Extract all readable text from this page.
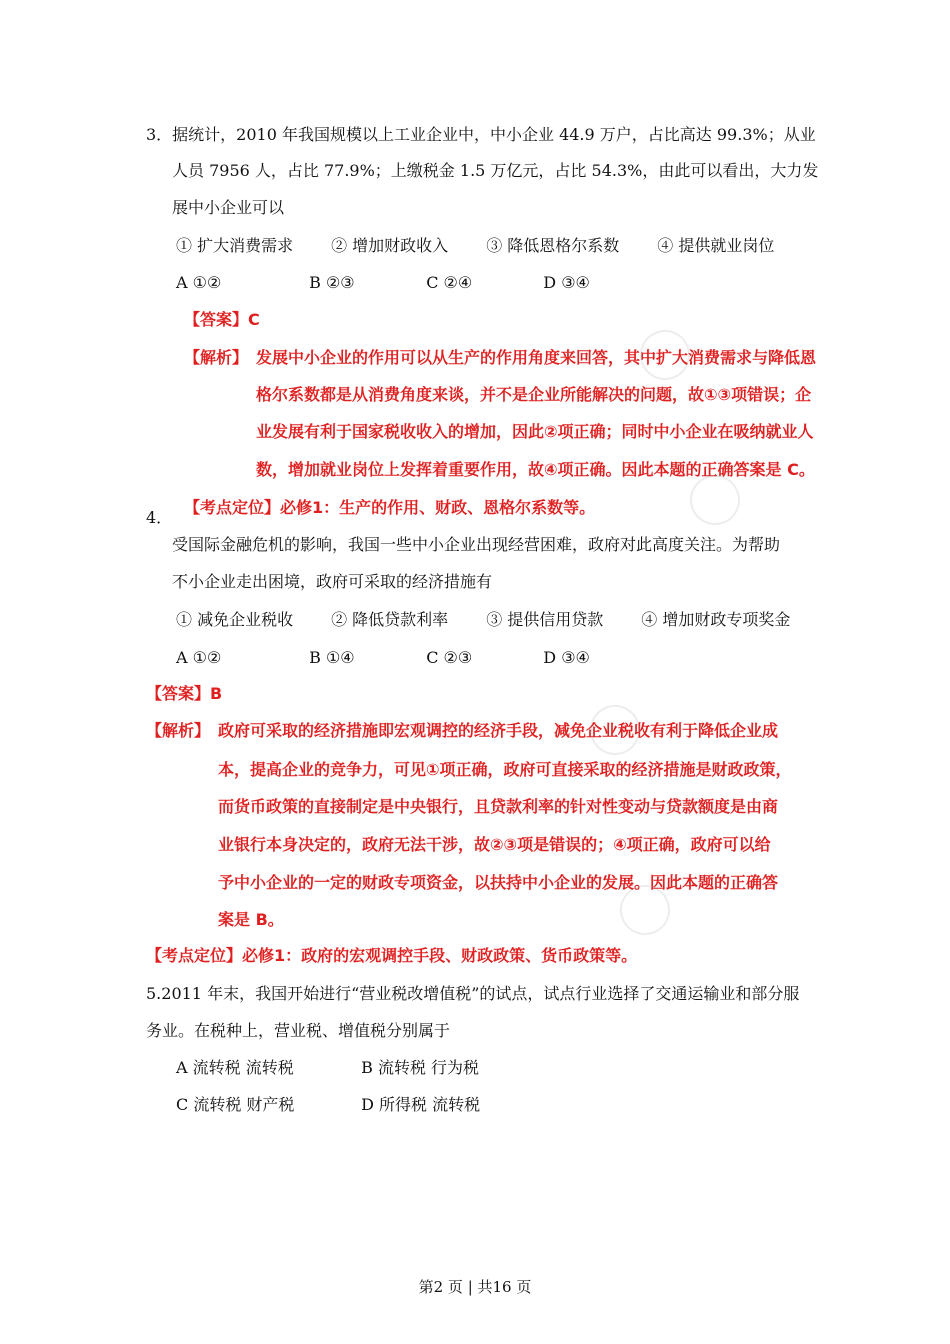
3．据统计，2010 年我国规模以上工业企业中，中小企业 44.9 万户，占比高达 99.3%；从业
人员 7956 人，占比 77.9%；上缴税金 1.5 万亿元，占比 54.3%，由此可以看出，大力发
展中小企业可以
① 扩大消费需求 ② 增加财政收入 ③ 降低恩格尔系数 ④ 提供就业岗位
A ①②	B ②③	C ②④	D ③④
【答案】C
【解析】 发展中小企业的作用可以从生产的作用角度来回答，其中扩大消费需求与降低恩
格尔系数都是从消费角度来谈，并不是企业所能解决的问题，故①③项错误；企
业发展有利于国家税收收入的增加，因此②项正确；同时中小企业在吸纳就业人
数，增加就业岗位上发挥着重要作用，故④项正确。因此本题的正确答案是 C。
【考点定位】必修1：生产的作用、财政、恩格尔系数等。
4．
受国际金融危机的影响，我国一些中小企业出现经营困难，政府对此高度关注。为帮助
不小企业走出困境，政府可采取的经济措施有
① 减免企业税收 ② 降低贷款利率 ③ 提供信用贷款 ④ 增加财政专项奖金
A ①②	B ①④	C ②③	D ③④
【答案】B
【解析】 政府可采取的经济措施即宏观调控的经济手段，减免企业税收有利于降低企业成
本，提高企业的竞争力，可见①项正确，政府可直接采取的经济措施是财政政策，
而货币政策的直接制定是中央银行，且贷款利率的针对性变动与贷款额度是由商
业银行本身决定的，政府无法干涉，故②③项是错误的；④项正确，政府可以给
予中小企业的一定的财政专项资金，以扶持中小企业的发展。因此本题的正确答
案是 B。
【考点定位】必修1：政府的宏观调控手段、财政政策、货币政策等。
5.2011 年末，我国开始进行“营业税改增值税”的试点，试点行业选择了交通运输业和部分服
务业。在税种上，营业税、增值税分别属于
A 流转税 流转税	B 流转税 行为税
C 流转税 财产税	D 所得税 流转税
第2 页 | 共16 页
